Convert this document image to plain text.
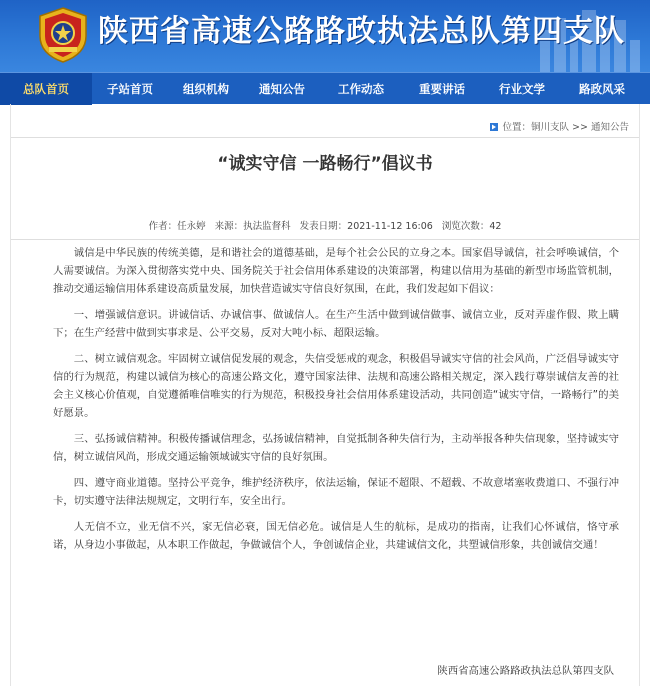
陕西省高速公路路政执法总队第四支队
总队首页	子站首页	组织机构	通知公告	工作动态	重要讲话	行业文学	路政风采
位置：铜川支队 >> 通知公告
“诚实守信 一路畅行”倡议书
作者：任永婷 来源：执法监督科 发表日期：2021-11-12 16:06 浏览次数：42

诚信是中华民族的传统美德，是和谐社会的道德基础，是每个社会公民的立身之本。国家倡导诚信，社会呼唤诚信，个人需要诚信。为深入贯彻落实党中央、国务院关于社会信用体系建设的决策部署，构建以信用为基础的新型市场监管机制，推动交通运输信用体系建设高质量发展，加快营造诚实守信良好氛围，在此，我们发起如下倡议：

一、增强诚信意识。讲诚信话、办诚信事、做诚信人。在生产生活中做到诚信做事、诚信立业，反对弄虚作假、欺上瞒下；在生产经营中做到实事求是、公平交易，反对大吨小标、超限运输。

二、树立诚信观念。牢固树立诚信促发展的观念，失信受惩戒的观念，积极倡导诚实守信的社会风尚，广泛倡导诚实守信的行为规范，构建以诚信为核心的高速公路文化，遵守国家法律、法规和高速公路相关规定，深入践行尊崇诚信友善的社会主义核心价值观，自觉遵循唯信唯实的行为规范，积极投身社会信用体系建设活动，共同创造“诚实守信，一路畅行”的美好愿景。

三、弘扬诚信精神。积极传播诚信理念，弘扬诚信精神，自觉抵制各种失信行为，主动举报各种失信现象，坚持诚实守信，树立诚信风尚，形成交通运输领域诚实守信的良好氛围。

四、遵守商业道德。坚持公平竞争，维护经济秩序，依法运输，保证不超限、不超载、不故意堵塞收费道口、不强行冲卡，切实遵守法律法规规定，文明行车，安全出行。

人无信不立，业无信不兴，家无信必衰，国无信必危。诚信是人生的航标，是成功的指南，让我们心怀诚信，恪守承诺，从身边小事做起，从本职工作做起，争做诚信个人，争创诚信企业，共建诚信文化，共塑诚信形象，共创诚信交通！

陕西省高速公路路政执法总队第四支队
